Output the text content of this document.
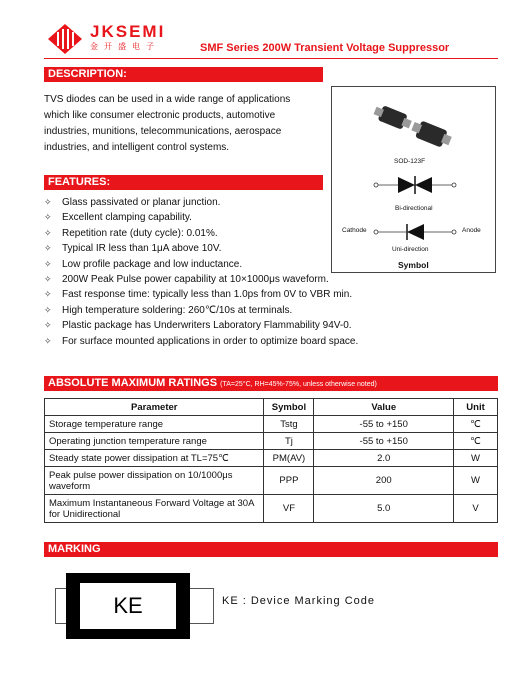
JKSEMI
金开盛电子	SMF Series 200W Transient Voltage Suppressor
DESCRIPTION:
TVS diodes can be used in a wide range of applications
which like consumer electronic products, automotive
industries, munitions, telecommunications, aerospace
industries, and intelligent control systems.
SOD-123F
Bi-directional
Cathode	Anode
Uni-direction
Symbol
FEATURES:
✧ Glass passivated or planar junction.
✧ Excellent clamping capability.
✧ Repetition rate (duty cycle): 0.01%.
✧ Typical IR less than 1μA above 10V.
✧ Low profile package and low inductance.
✧ 200W Peak Pulse power capability at 10×1000μs waveform.
✧ Fast response time: typically less than 1.0ps from 0V to VBR min.
✧ High temperature soldering: 260℃/10s at terminals.
✧ Plastic package has Underwriters Laboratory Flammability 94V-0.
✧ For surface mounted applications in order to optimize board space.
ABSOLUTE MAXIMUM RATINGS (TA=25°C, RH=45%-75%, unless otherwise noted)
Parameter	Symbol	Value	Unit
Storage temperature range	Tstg	-55 to +150	℃
Operating junction temperature range	Tj	-55 to +150	℃
Steady state power dissipation at TL=75℃	PM(AV)	2.0	W
Peak pulse power dissipation on 10/1000μs waveform	PPP	200	W
Maximum Instantaneous Forward Voltage at 30A for Unidirectional	VF	5.0	V
MARKING
KE	KE : Device Marking Code
